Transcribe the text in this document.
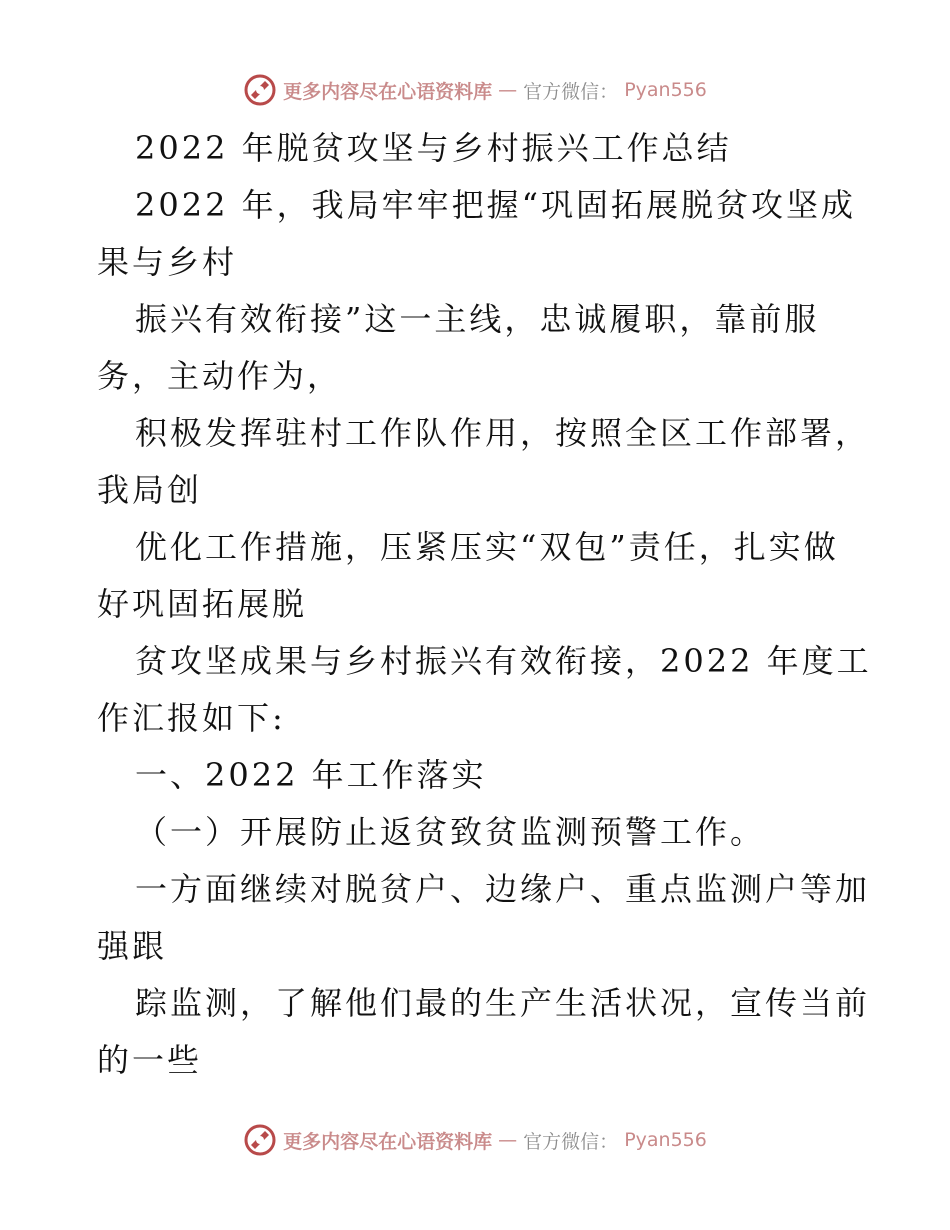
更多内容尽在心语资料库 — 官方微信： Pyan556
2022 年脱贫攻坚与乡村振兴工作总结
2022 年，我局牢牢把握“巩固拓展脱贫攻坚成
果与乡村
振兴有效衔接”这一主线，忠诚履职，靠前服
务，主动作为，
积极发挥驻村工作队作用，按照全区工作部署，
我局创
优化工作措施，压紧压实“双包”责任，扎实做
好巩固拓展脱
贫攻坚成果与乡村振兴有效衔接，2022 年度工
作汇报如下:
一、2022 年工作落实
（一）开展防止返贫致贫监测预警工作。
一方面继续对脱贫户、边缘户、重点监测户等加
强跟
踪监测，了解他们最的生产生活状况，宣传当前
的一些
更多内容尽在心语资料库 — 官方微信： Pyan556
